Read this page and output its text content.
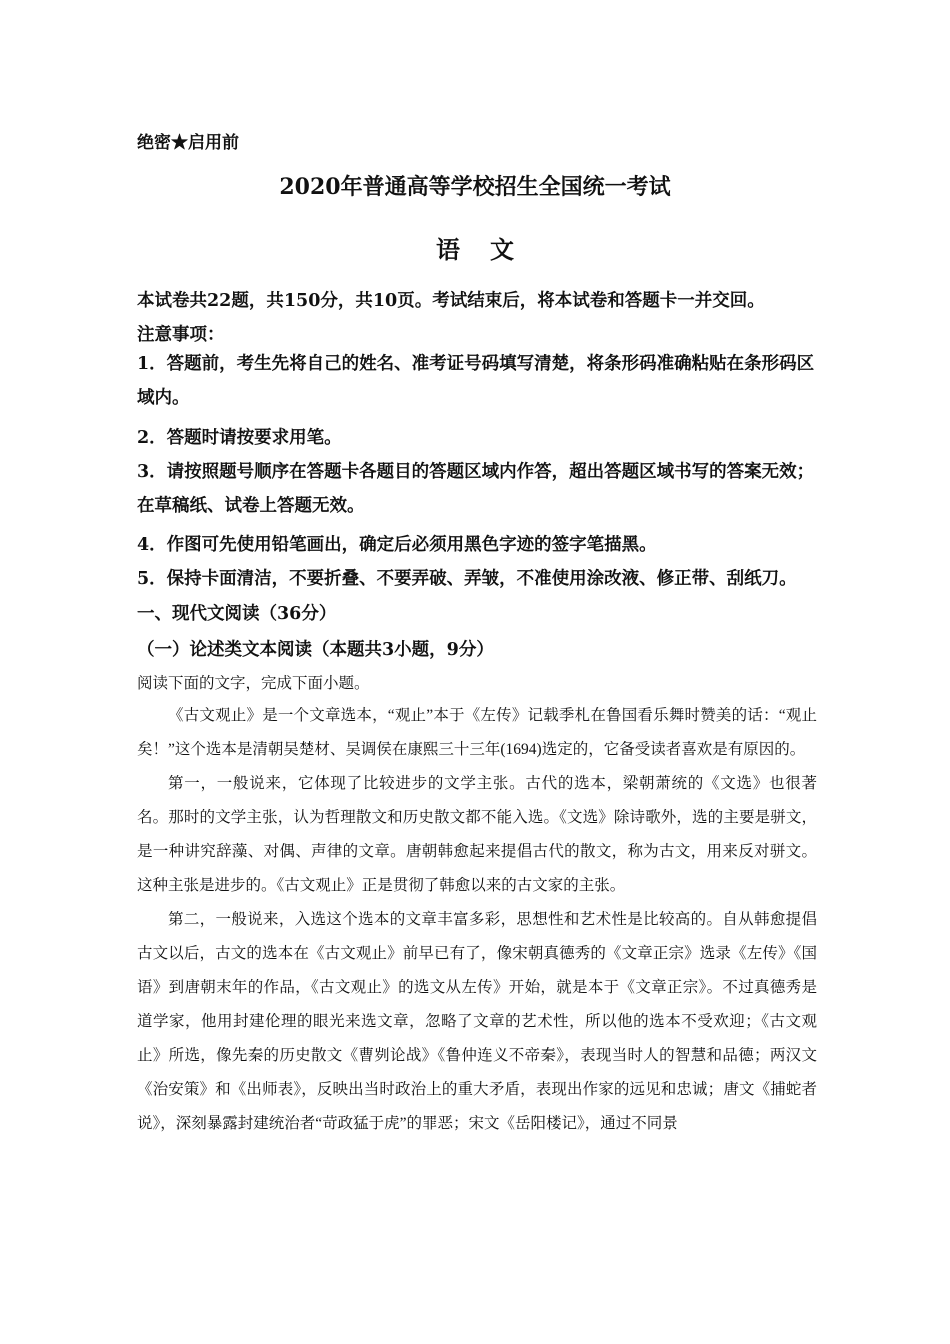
绝密★启用前
2020年普通高等学校招生全国统一考试
语文
本试卷共22题，共150分，共10页。考试结束后，将本试卷和答题卡一并交回。
注意事项：
1．答题前，考生先将自己的姓名、准考证号码填写清楚，将条形码准确粘贴在条形码区域内。
2．答题时请按要求用笔。
3．请按照题号顺序在答题卡各题目的答题区域内作答，超出答题区域书写的答案无效；在草稿纸、试卷上答题无效。
4．作图可先使用铅笔画出，确定后必须用黑色字迹的签字笔描黑。
5．保持卡面清洁，不要折叠、不要弄破、弄皱，不准使用涂改液、修正带、刮纸刀。
一、现代文阅读（36分）
（一）论述类文本阅读（本题共3小题，9分）
阅读下面的文字，完成下面小题。

《古文观止》是一个文章选本，“观止”本于《左传》记载季札在鲁国看乐舞时赞美的话：“观止矣！”这个选本是清朝吴楚材、吴调侯在康熙三十三年(1694)选定的，它备受读者喜欢是有原因的。

第一，一般说来，它体现了比较进步的文学主张。古代的选本，梁朝萧统的《文选》也很著名。那时的文学主张，认为哲理散文和历史散文都不能入选。《文选》除诗歌外，选的主要是骈文，是一种讲究辞藻、对偶、声律的文章。唐朝韩愈起来提倡古代的散文，称为古文，用来反对骈文。这种主张是进步的。《古文观止》正是贯彻了韩愈以来的古文家的主张。

第二，一般说来，入选这个选本的文章丰富多彩，思想性和艺术性是比较高的。自从韩愈提倡古文以后，古文的选本在《古文观止》前早已有了，像宋朝真德秀的《文章正宗》选录《左传》《国语》到唐朝末年的作品，《古文观止》的选文从左传》开始，就是本于《文章正宗》。不过真德秀是道学家，他用封建伦理的眼光来选文章，忽略了文章的艺术性，所以他的选本不受欢迎；《古文观止》所选，像先秦的历史散文《曹刿论战》《鲁仲连义不帝秦》，表现当时人的智慧和品德；两汉文《治安策》和《出师表》，反映出当时政治上的重大矛盾，表现出作家的远见和忠诚；唐文《捕蛇者说》，深刻暴露封建统治者“苛政猛于虎”的罪恶；宋文《岳阳楼记》，通过不同景
